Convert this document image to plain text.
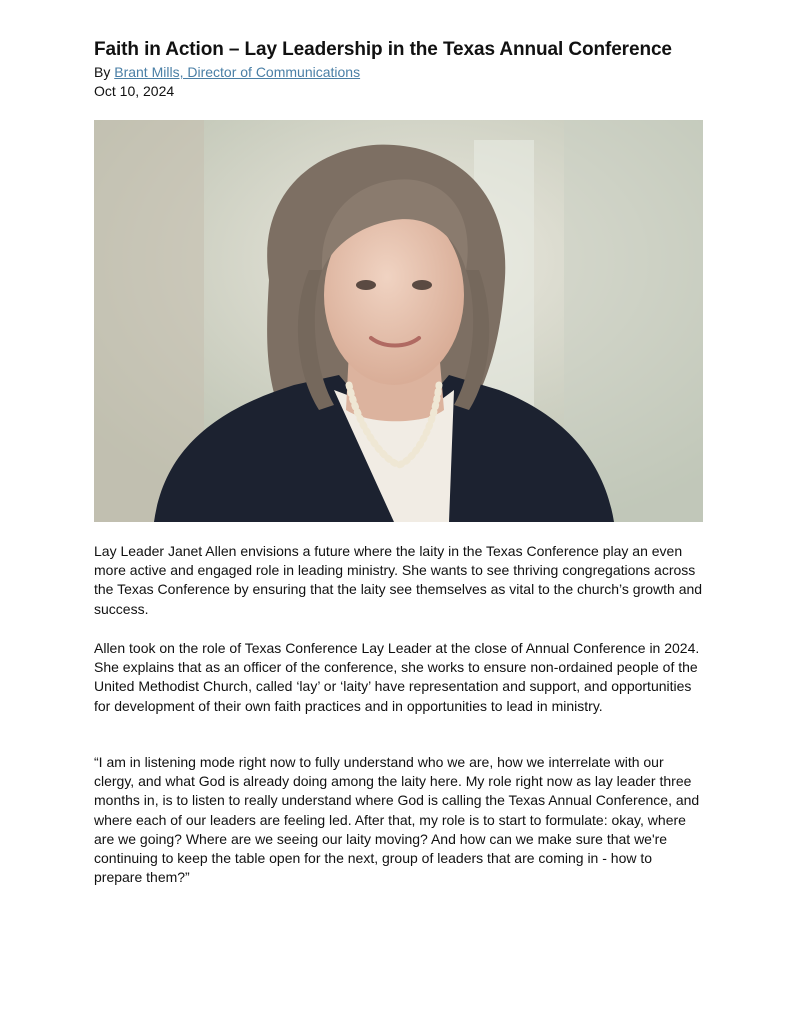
Faith in Action – Lay Leadership in the Texas Annual Conference

By Brant Mills, Director of Communications

Oct 10, 2024

Lay Leader Janet Allen envisions a future where the laity in the Texas Conference play an even more active and engaged role in leading ministry. She wants to see thriving congregations across the Texas Conference by ensuring that the laity see themselves as vital to the church’s growth and success.

Allen took on the role of Texas Conference Lay Leader at the close of Annual Conference in 2024. She explains that as an officer of the conference, she works to ensure non-ordained people of the United Methodist Church, called ‘lay’ or ‘laity’ have representation and support, and opportunities for development of their own faith practices and in opportunities to lead in ministry.

“I am in listening mode right now to fully understand who we are, how we interrelate with our clergy, and what God is already doing among the laity here. My role right now as lay leader three months in, is to listen to really understand where God is calling the Texas Annual Conference, and where each of our leaders are feeling led. After that, my role is to start to formulate: okay, where are we going? Where are we seeing our laity moving? And how can we make sure that we're continuing to keep the table open for the next, group of leaders that are coming in - how to prepare them?”
